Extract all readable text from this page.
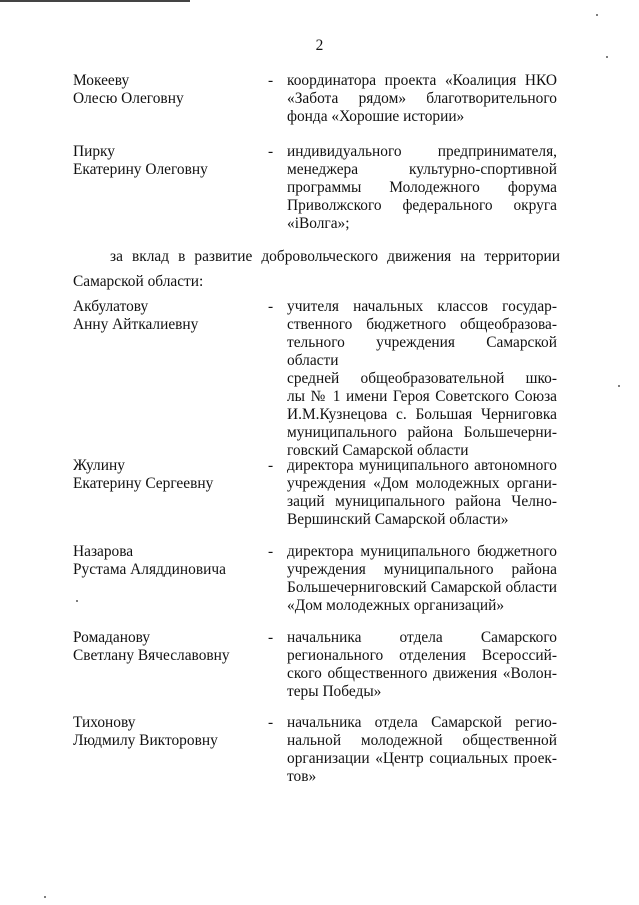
2
Мокееву
Олесю Олеговну
- координатора проекта «Коалиция НКО
«Забота рядом» благотворительного
фонда «Хорошие истории»
Пирку
Екатерину Олеговну
- индивидуального предпринимателя,
менеджера культурно-спортивной
программы Молодежного форума
Приволжского федерального округа
«iВолга»;
за вклад в развитие добровольческого движения на территории
Самарской области:
Акбулатову
Анну Айткалиевну
- учителя начальных классов государ-
ственного бюджетного общеобразова-
тельного учреждения Самарской области
средней общеобразовательной шко-
лы № 1 имени Героя Советского Союза
И.М.Кузнецова с. Большая Черниговка
муниципального района Большечерни-
говский Самарской области
Жулину
Екатерину Сергеевну
- директора муниципального автономного
учреждения «Дом молодежных органи-
заций муниципального района Челно-
Вершинский Самарской области»
Назарова
Рустама Аляддиновича
- директора муниципального бюджетного
учреждения муниципального района
Большечерниговский Самарской области
«Дом молодежных организаций»
Ромаданову
Светлану Вячеславовну
- начальника отдела Самарского
регионального отделения Всероссий-
ского общественного движения «Волон-
теры Победы»
Тихонову
Людмилу Викторовну
- начальника отдела Самарской регио-
нальной молодежной общественной
организации «Центр социальных проек-
тов»
